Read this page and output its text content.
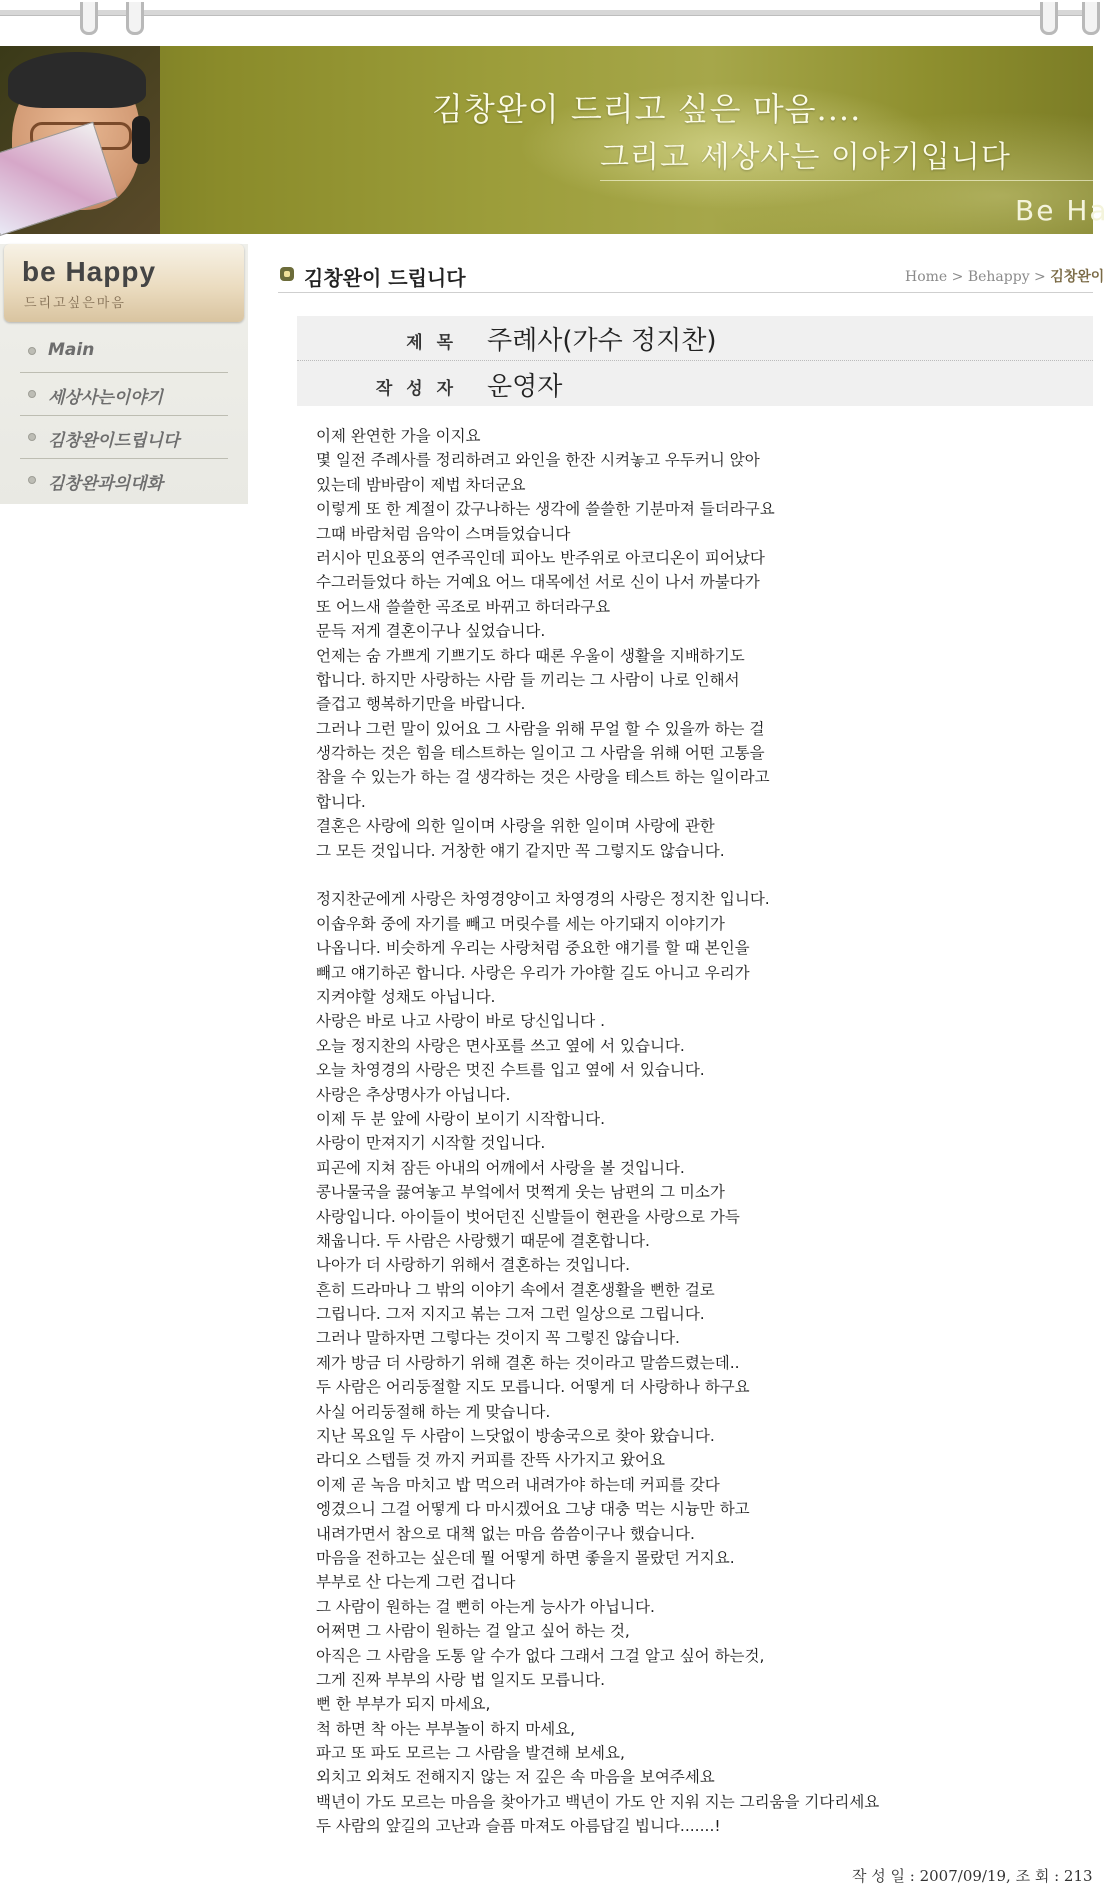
김창완이 드리고 싶은 마음....
그리고 세상사는 이야기입니다
Be Ha
be Happy
드리고싶은마음
Main
세상사는이야기
김창완이드립니다
김창완과의대화
김창완이 드립니다	Home > Behappy > 김창완이
제 목 주례사(가수 정지찬)
작 성 자 운영자
이제 완연한 가을 이지요
몇 일전 주례사를 정리하려고 와인을 한잔 시켜놓고 우두커니 앉아
있는데 밤바람이 제법 차더군요
이렇게 또 한 계절이 갔구나하는 생각에 쓸쓸한 기분마져 들더라구요
그때 바람처럼 음악이 스며들었습니다
러시아 민요풍의 연주곡인데 피아노 반주위로 아코디온이 피어났다
수그러들었다 하는 거예요 어느 대목에선 서로 신이 나서 까불다가
또 어느새 쓸쓸한 곡조로 바뀌고 하더라구요
문득 저게 결혼이구나 싶었습니다.
언제는 숨 가쁘게 기쁘기도 하다 때론 우울이 생활을 지배하기도
합니다. 하지만 사랑하는 사람 들 끼리는 그 사람이 나로 인해서
즐겁고 행복하기만을 바랍니다.
그러나 그런 말이 있어요 그 사람을 위해 무얼 할 수 있을까 하는 걸
생각하는 것은 힘을 테스트하는 일이고 그 사람을 위해 어떤 고통을
참을 수 있는가 하는 걸 생각하는 것은 사랑을 테스트 하는 일이라고
합니다.
결혼은 사랑에 의한 일이며 사랑을 위한 일이며 사랑에 관한
그 모든 것입니다. 거창한 얘기 같지만 꼭 그렇지도 않습니다.
정지찬군에게 사랑은 차영경양이고 차영경의 사랑은 정지찬 입니다.
이솝우화 중에 자기를 빼고 머릿수를 세는 아기돼지 이야기가
나옵니다. 비슷하게 우리는 사랑처럼 중요한 얘기를 할 때 본인을
빼고 얘기하곤 합니다. 사랑은 우리가 가야할 길도 아니고 우리가
지켜야할 성채도 아닙니다.
사랑은 바로 나고 사랑이 바로 당신입니다 .
오늘 정지찬의 사랑은 면사포를 쓰고 옆에 서 있습니다.
오늘 차영경의 사랑은 멋진 수트를 입고 옆에 서 있습니다.
사랑은 추상명사가 아닙니다.
이제 두 분 앞에 사랑이 보이기 시작합니다.
사랑이 만져지기 시작할 것입니다.
피곤에 지쳐 잠든 아내의 어깨에서 사랑을 볼 것입니다.
콩나물국을 끓여놓고 부엌에서 멋쩍게 웃는 남편의 그 미소가
사랑입니다. 아이들이 벗어던진 신발들이 현관을 사랑으로 가득
채웁니다. 두 사람은 사랑했기 때문에 결혼합니다.
나아가 더 사랑하기 위해서 결혼하는 것입니다.
흔히 드라마나 그 밖의 이야기 속에서 결혼생활을 뻔한 걸로
그립니다. 그저 지지고 볶는 그저 그런 일상으로 그립니다.
그러나 말하자면 그렇다는 것이지 꼭 그렇진 않습니다.
제가 방금 더 사랑하기 위해 결혼 하는 것이라고 말씀드렸는데..
두 사람은 어리둥절할 지도 모릅니다. 어떻게 더 사랑하나 하구요
사실 어리둥절해 하는 게 맞습니다.
지난 목요일 두 사람이 느닷없이 방송국으로 찾아 왔습니다.
라디오 스텝들 것 까지 커피를 잔뜩 사가지고 왔어요
이제 곧 녹음 마치고 밥 먹으러 내려가야 하는데 커피를 갖다
엥겼으니 그걸 어떻게 다 마시겠어요 그냥 대충 먹는 시늉만 하고
내려가면서 참으로 대책 없는 마음 씀씀이구나 했습니다.
마음을 전하고는 싶은데 뭘 어떻게 하면 좋을지 몰랐던 거지요.
부부로 산 다는게 그런 겁니다
그 사람이 원하는 걸 뻔히 아는게 능사가 아닙니다.
어쩌면 그 사람이 원하는 걸 알고 싶어 하는 것,
아직은 그 사람을 도통 알 수가 없다 그래서 그걸 알고 싶어 하는것,
그게 진짜 부부의 사랑 법 일지도 모릅니다.
뻔 한 부부가 되지 마세요,
척 하면 착 아는 부부놀이 하지 마세요,
파고 또 파도 모르는 그 사람을 발견해 보세요,
외치고 외쳐도 전해지지 않는 저 깊은 속 마음을 보여주세요
백년이 가도 모르는 마음을 찾아가고 백년이 가도 안 지워 지는 그리움을 기다리세요
두 사람의 앞길의 고난과 슬픔 마져도 아름답길 빕니다.......!
작 성 일 : 2007/09/19, 조 회 : 213
